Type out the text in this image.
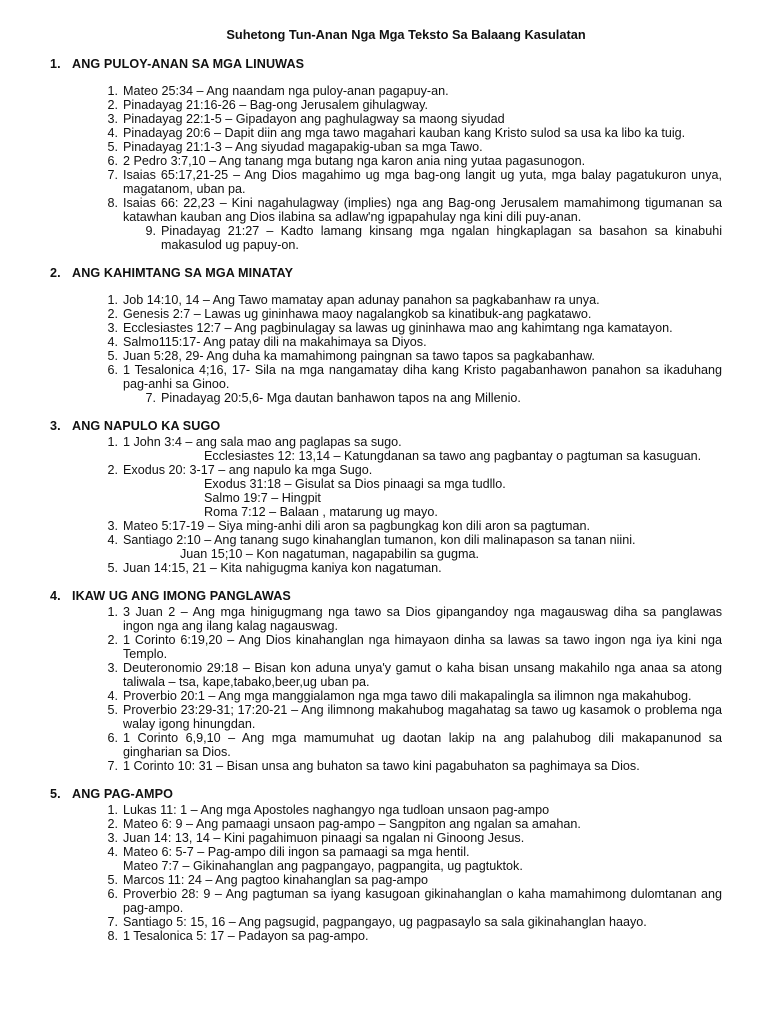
Suhetong Tun-Anan Nga Mga Teksto Sa Balaang Kasulatan
1. ANG PULOY-ANAN SA MGA LINUWAS
1. Mateo 25:34 – Ang naandam nga puloy-anan pagapuy-an.
2. Pinadayag 21:16-26 – Bag-ong Jerusalem gihulagway.
3. Pinadayag 22:1-5 – Gipadayon ang paghulagway sa maong siyudad
4. Pinadayag 20:6 – Dapit diin ang mga tawo magahari kauban kang Kristo sulod sa usa ka libo ka tuig.
5. Pinadayag 21:1-3 – Ang siyudad magapakig-uban sa mga Tawo.
6. 2 Pedro 3:7,10 – Ang tanang mga butang nga karon ania ning yutaa pagasunogon.
7. Isaias 65:17,21-25 – Ang Dios magahimo ug mga bag-ong langit ug yuta, mga balay pagatukuron unya, magatanom, uban pa.
8. Isaias 66: 22,23 – Kini nagahulagway (implies) nga ang Bag-ong Jerusalem mamahimong tigumanan sa katawhan kauban ang Dios ilabina sa adlaw'ng igpapahulay nga kini dili puy-anan.
9. Pinadayag 21:27 – Kadto lamang kinsang mga ngalan hingkaplagan sa basahon sa kinabuhi makasulod ug papuy-on.
2. ANG KAHIMTANG SA MGA MINATAY
1. Job 14:10, 14 – Ang Tawo mamatay apan adunay panahon sa pagkabanhaw ra unya.
2. Genesis 2:7 – Lawas ug gininhawa maoy nagalangkob sa kinatibuk-ang pagkatawo.
3. Ecclesiastes 12:7 – Ang pagbinulagay sa lawas ug gininhawa mao ang kahimtang nga kamatayon.
4. Salmo115:17- Ang patay dili na makahimaya sa Diyos.
5. Juan 5:28, 29- Ang duha ka mamahimong paingnan sa tawo tapos sa pagkabanhaw.
6. 1 Tesalonica 4;16, 17- Sila na mga nangamatay diha kang Kristo pagabanhawon panahon sa ikaduhang pag-anhi sa Ginoo.
7. Pinadayag 20:5,6- Mga dautan banhawon tapos na ang Millenio.
3. ANG NAPULO KA SUGO
1. 1 John 3:4 – ang sala mao ang paglapas sa sugo.
Ecclesiastes 12: 13,14 – Katungdanan sa tawo ang pagbantay o pagtuman sa kasuguan.
2. Exodus 20: 3-17 – ang napulo ka mga Sugo.
Exodus 31:18 – Gisulat sa Dios pinaagi sa mga tudllo.
Salmo 19:7 – Hingpit
Roma 7:12 – Balaan , matarung ug mayo.
3. Mateo 5:17-19 – Siya ming-anhi dili aron sa pagbungkag kon dili aron sa pagtuman.
4. Santiago 2:10 – Ang tanang sugo kinahanglan tumanon, kon dili malinapason sa tanan niini.
Juan 15;10 – Kon nagatuman, nagapabilin sa gugma.
5. Juan 14:15, 21 – Kita nahigugma kaniya kon nagatuman.
4. IKAW UG ANG IMONG PANGLAWAS
1. 3 Juan 2 – Ang mga hinigugmang nga tawo sa Dios gipangandoy nga magauswag diha sa panglawas ingon nga ang ilang kalag nagauswag.
2. 1 Corinto 6:19,20 – Ang Dios kinahanglan nga himayaon dinha sa lawas sa tawo ingon nga iya kini nga Templo.
3. Deuteronomio 29:18 – Bisan kon aduna unya'y gamut o kaha bisan unsang makahilo nga anaa sa atong taliwala – tsa, kape,tabako,beer,ug uban pa.
4. Proverbio 20:1 – Ang mga manggialamon nga mga tawo dili makapalingla sa ilimnon nga makahubog.
5. Proverbio 23:29-31; 17:20-21 – Ang ilimnong makahubog magahatag sa tawo ug kasamok o problema nga walay igong hinungdan.
6. 1 Corinto 6,9,10 – Ang mga mamumuhat ug daotan lakip na ang palahubog dili makapanunod sa gingharian sa Dios.
7. 1 Corinto 10: 31 – Bisan unsa ang buhaton sa tawo kini pagabuhaton sa paghimaya sa Dios.
5. ANG PAG-AMPO
1. Lukas 11: 1 – Ang mga Apostoles naghangyo nga tudloan unsaon pag-ampo
2. Mateo 6: 9 – Ang pamaagi unsaon pag-ampo – Sangpiton ang ngalan sa amahan.
3. Juan 14: 13, 14 – Kini pagahimuon pinaagi sa ngalan ni Ginoong Jesus.
4. Mateo 6: 5-7 – Pag-ampo dili ingon sa pamaagi sa mga hentil.
Mateo 7:7 – Gikinahanglan ang pagpangayo, pagpangita, ug pagtuktok.
5. Marcos 11: 24 – Ang pagtoo kinahanglan sa pag-ampo
6. Proverbio 28: 9 – Ang pagtuman sa iyang kasugoan gikinahanglan o kaha mamahimong dulomtanan ang pag-ampo.
7. Santiago 5: 15, 16 – Ang pagsugid, pagpangayo, ug pagpasaylo sa sala gikinahanglan haayo.
8. 1 Tesalonica 5: 17 – Padayon sa pag-ampo.
